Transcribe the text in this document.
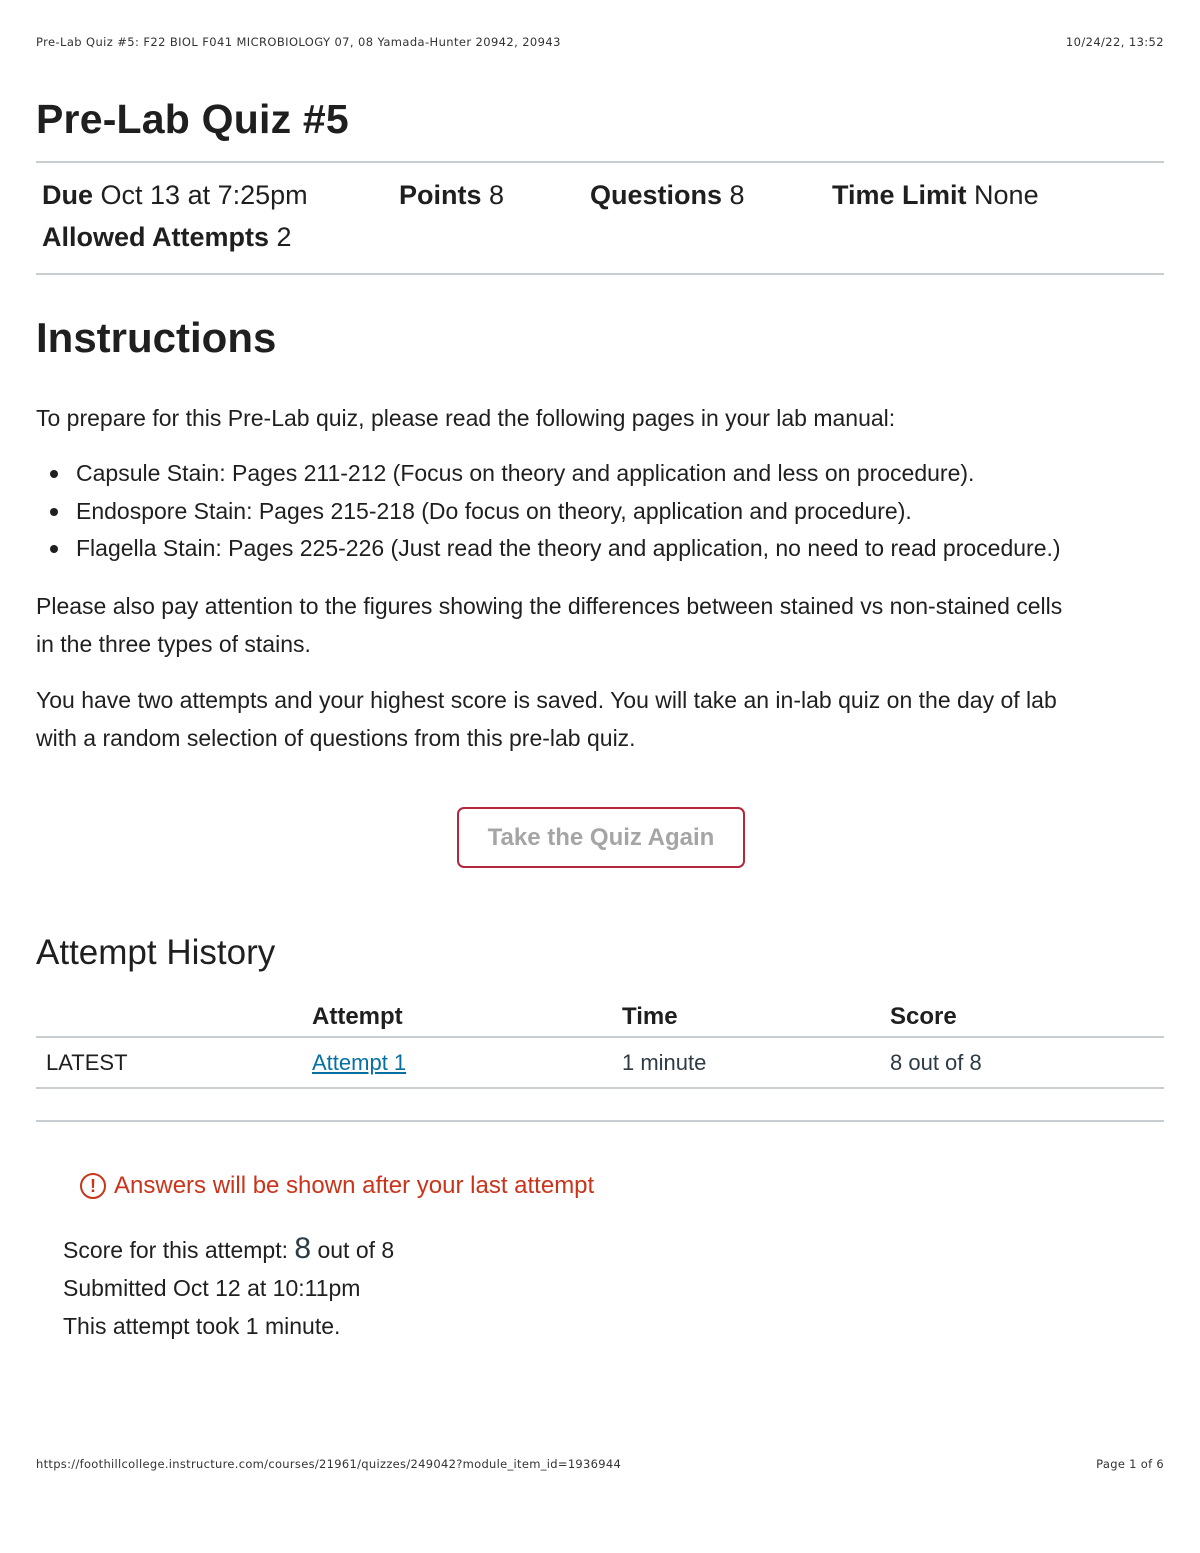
Pre-Lab Quiz #5: F22 BIOL F041 MICROBIOLOGY 07, 08 Yamada-Hunter 20942, 20943	10/24/22, 13:52
Pre-Lab Quiz #5
Due Oct 13 at 7:25pm	Points 8	Questions 8	Time Limit None
Allowed Attempts 2
Instructions

To prepare for this Pre-Lab quiz, please read the following pages in your lab manual:

Capsule Stain: Pages 211-212 (Focus on theory and application and less on procedure).
Endospore Stain: Pages 215-218 (Do focus on theory, application and procedure).
Flagella Stain: Pages 225-226 (Just read the theory and application, no need to read procedure.)
Please also pay attention to the figures showing the differences between stained vs non-stained cells
in the three types of stains.
You have two attempts and your highest score is saved. You will take an in-lab quiz on the day of lab
with a random selection of questions from this pre-lab quiz.
Take the Quiz Again
Attempt History
	Attempt	Time	Score
LATEST	Attempt 1	1 minute	8 out of 8
! Answers will be shown after your last attempt
Score for this attempt: 8 out of 8
Submitted Oct 12 at 10:11pm
This attempt took 1 minute.
https://foothillcollege.instructure.com/courses/21961/quizzes/249042?module_item_id=1936944	Page 1 of 6
